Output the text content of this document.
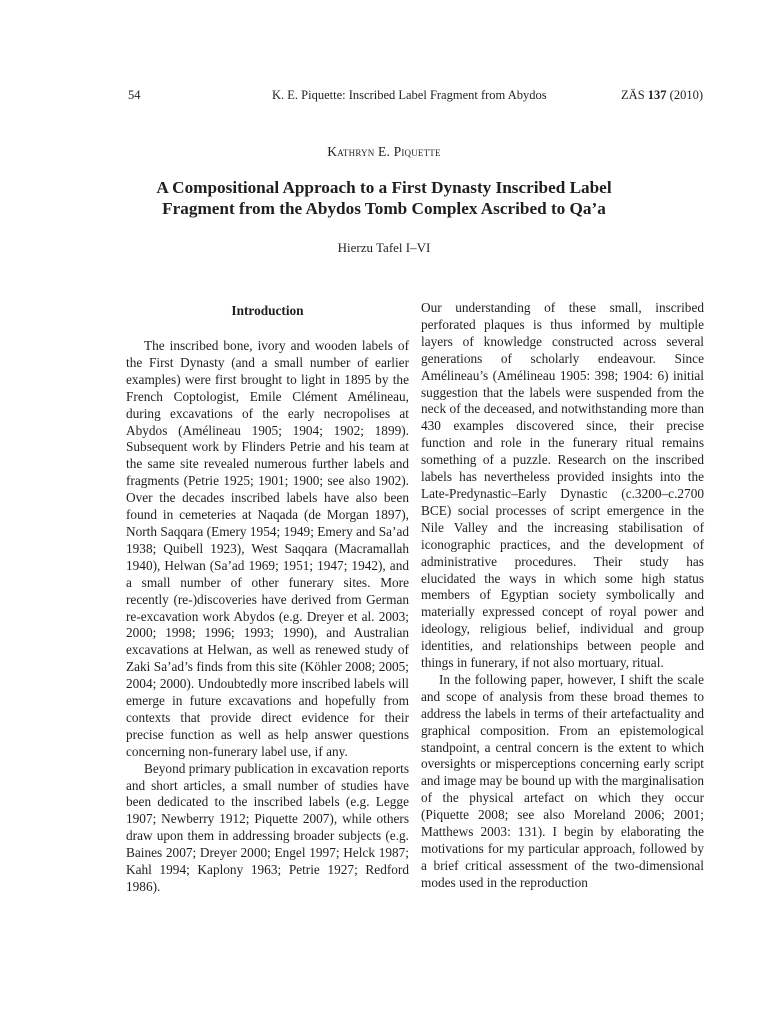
54	K. E. Piquette: Inscribed Label Fragment from Abydos	ZÄS 137 (2010)
Kathryn E. Piquette
A Compositional Approach to a First Dynasty Inscribed Label
Fragment from the Abydos Tomb Complex Ascribed to Qa’a
Hierzu Tafel I–VI
Introduction

The inscribed bone, ivory and wooden labels of the First Dynasty (and a small number of earlier examples) were first brought to light in 1895 by the French Coptologist, Emile Clément Amélineau, during excavations of the early necropolises at Abydos (Amélineau 1905; 1904; 1902; 1899). Subsequent work by Flinders Petrie and his team at the same site revealed numerous further labels and fragments (Petrie 1925; 1901; 1900; see also 1902). Over the decades inscribed labels have also been found in cemeteries at Naqada (de Morgan 1897), North Saqqara (Emery 1954; 1949; Emery and Sa’ad 1938; Quibell 1923), West Saqqara (Macramallah 1940), Helwan (Sa’ad 1969; 1951; 1947; 1942), and a small number of other funerary sites. More recently (re-)discoveries have derived from German re-excavation work Abydos (e.g. Dreyer et al. 2003; 2000; 1998; 1996; 1993; 1990), and Australian excavations at Helwan, as well as renewed study of Zaki Sa’ad’s finds from this site (Köhler 2008; 2005; 2004; 2000). Undoubtedly more inscribed labels will emerge in future excavations and hopefully from contexts that provide direct evidence for their precise function as well as help answer questions concerning non-funerary label use, if any.

Beyond primary publication in excavation reports and short articles, a small number of studies have been dedicated to the inscribed labels (e.g. Legge 1907; Newberry 1912; Piquette 2007), while others draw upon them in addressing broader subjects (e.g. Baines 2007; Dreyer 2000; Engel 1997; Helck 1987; Kahl 1994; Kaplony 1963; Petrie 1927; Redford 1986).

Our understanding of these small, inscribed perforated plaques is thus informed by multiple layers of knowledge constructed across several generations of scholarly endeavour. Since Amélineau’s (Amélineau 1905: 398; 1904: 6) initial suggestion that the labels were suspended from the neck of the deceased, and notwithstanding more than 430 examples discovered since, their precise function and role in the funerary ritual remains something of a puzzle. Research on the inscribed labels has nevertheless provided insights into the Late-Predynastic–Early Dynastic (c.3200–c.2700 BCE) social processes of script emergence in the Nile Valley and the increasing stabilisation of iconographic practices, and the development of administrative procedures. Their study has elucidated the ways in which some high status members of Egyptian society symbolically and materially expressed concept of royal power and ideology, religious belief, individual and group identities, and relationships between people and things in funerary, if not also mortuary, ritual.

In the following paper, however, I shift the scale and scope of analysis from these broad themes to address the labels in terms of their artefactuality and graphical composition. From an epistemological standpoint, a central concern is the extent to which oversights or misperceptions concerning early script and image may be bound up with the marginalisation of the physical artefact on which they occur (Piquette 2008; see also Moreland 2006; 2001; Matthews 2003: 131). I begin by elaborating the motivations for my particular approach, followed by a brief critical assessment of the two-dimensional modes used in the reproduction
